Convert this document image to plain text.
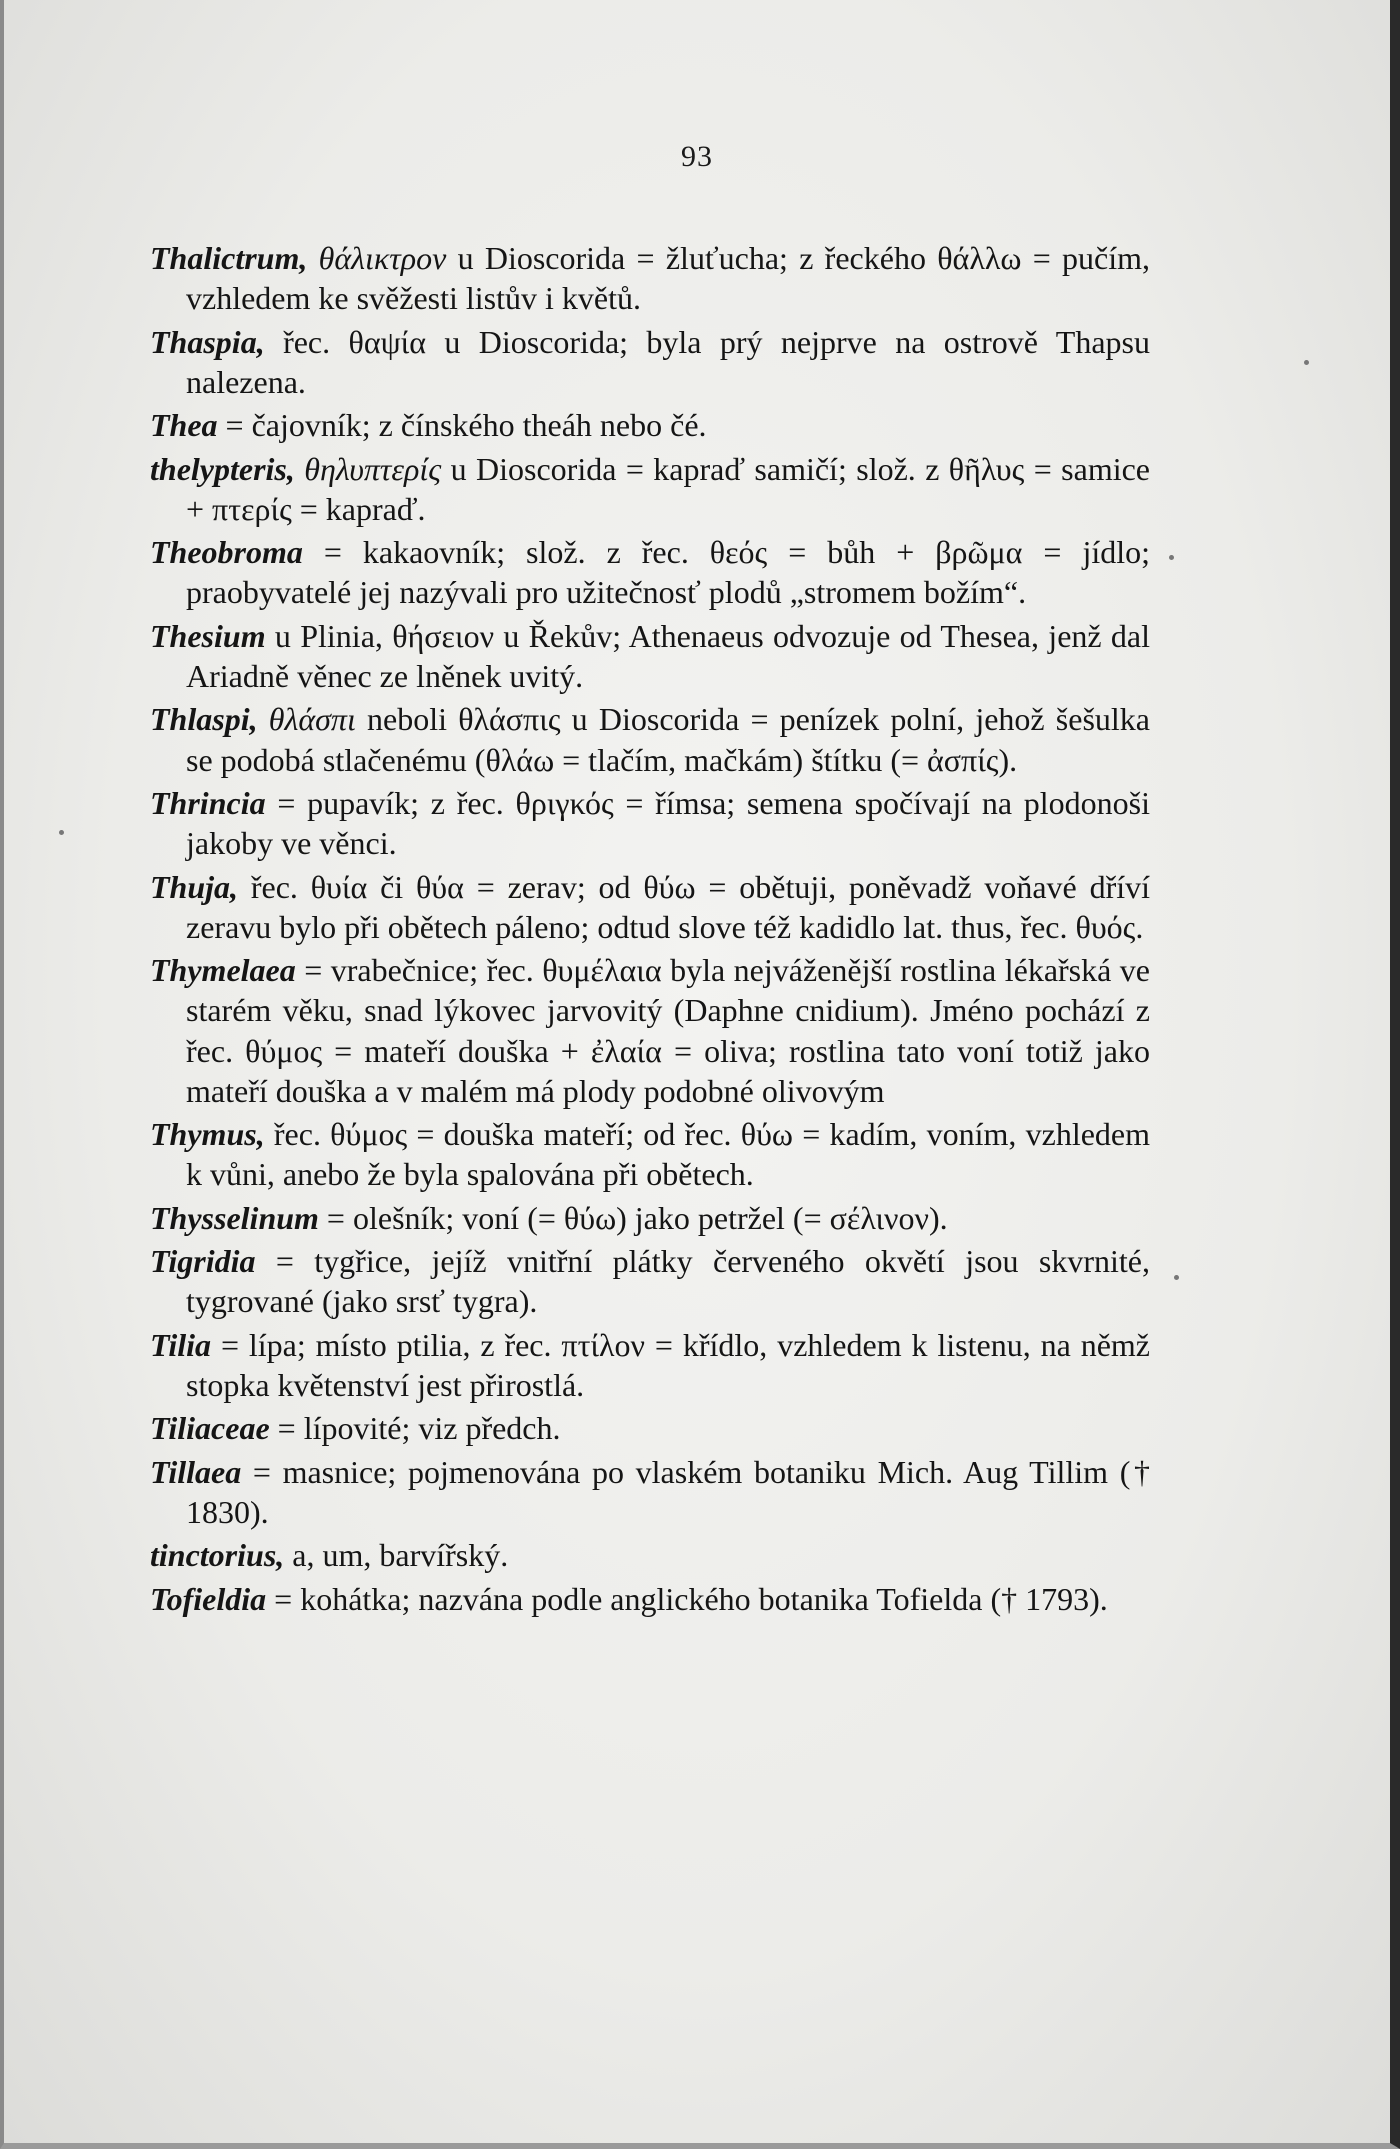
93

Thalictrum, θάλικτρον u Dioscorida = žluťucha; z řeckého θάλλω = pučím, vzhledem ke svěžesti listův i květů.

Thaspia, řec. θαψία u Dioscorida; byla prý nejprve na ostrově Thapsu nalezena.

Thea = čajovník; z čínského theáh nebo čé.

thelypteris, θηλυπτερίς u Dioscorida = kapraď samičí; slož. z θῆλυς = samice + πτερίς = kapraď.

Theobroma = kakaovník; slož. z řec. θεός = bůh + βρῶμα = jídlo; praobyvatelé jej nazývali pro užitečnosť plodů „stromem božím“.

Thesium u Plinia, θήσειον u Řekův; Athenaeus odvozuje od Thesea, jenž dal Ariadně věnec ze lněnek uvitý.

Thlaspi, θλάσπι neboli θλάσπις u Dioscorida = penízek polní, jehož šešulka se podobá stlačenému (θλάω = tlačím, mačkám) štítku (= ἀσπίς).

Thrincia = pupavík; z řec. θριγκός = římsa; semena spočívají na plodonoši jakoby ve věnci.

Thuja, řec. θυία či θύα = zerav; od θύω = obětuji, poněvadž voňavé dříví zeravu bylo při obětech páleno; odtud slove též kadidlo lat. thus, řec. θυός.

Thymelaea = vrabečnice; řec. θυμέλαια byla nejváženější rostlina lékařská ve starém věku, snad lýkovec jarvovitý (Daphne cnidium). Jméno pochází z řec. θύμος = mateří douška + ἐλαία = oliva; rostlina tato voní totiž jako mateří douška a v malém má plody podobné olivovým

Thymus, řec. θύμος = douška mateří; od řec. θύω = kadím, voním, vzhledem k vůni, anebo že byla spalována při obětech.

Thysselinum = olešník; voní (= θύω) jako petržel (= σέλινον).

Tigridia = tygřice, jejíž vnitřní plátky červeného okvětí jsou skvrnité, tygrované (jako srsť tygra).

Tilia = lípa; místo ptilia, z řec. πτίλον = křídlo, vzhledem k listenu, na němž stopka květenství jest přirostlá.

Tiliaceae = lípovité; viz předch.

Tillaea = masnice; pojmenována po vlaském botaniku Mich. Aug Tillim († 1830).

tinctorius, a, um, barvířský.

Tofieldia = kohátka; nazvána podle anglického botanika Tofielda († 1793).
